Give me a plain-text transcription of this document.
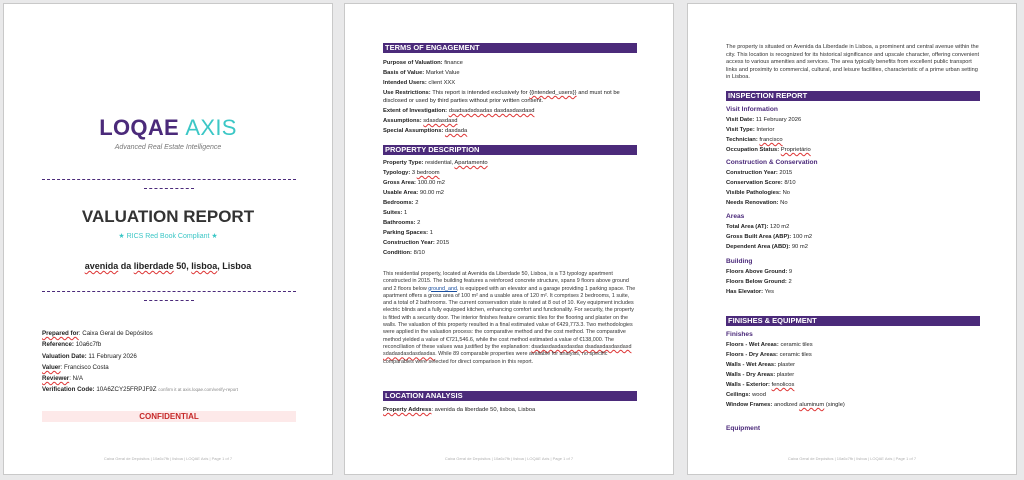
LOQAE AXIS
Advanced Real Estate Intelligence
VALUATION REPORT
★ RICS Red Book Compliant ★
avenida da liberdade 50, lisboa, Lisboa
Prepared for: Caixa Geral de Depósitos
Reference: 10a6c7fb
Valuation Date: 11 February 2026
Valuer: Francisco Costa
Reviewer: N/A
Verification Code: 10A6ZCY25FRPJF9Z confirm it at axis.loqae.com/verify-report
CONFIDENTIAL
Caixa Geral de Depósitos | 10a6c7fb | lisboa | LOQAE Axis | Page 1 of 7
TERMS OF ENGAGEMENT
Purpose of Valuation: finance
Basis of Value: Market Value
Intended Users: client XXX
Use Restrictions: This report is intended exclusively for {{intended_users}} and must not be
disclosed or used by third parties without prior written consent.
Extent of Investigation: dsadsadsdsadas dasdasdasdasd
Assumptions: sdasdasdasd
Special Assumptions: dasdada
PROPERTY DESCRIPTION
Property Type: residential, Apartamento
Typology: 3 bedroom
Gross Area: 100.00 m2
Usable Area: 90.00 m2
Bedrooms: 2
Suites: 1
Bathrooms: 2
Parking Spaces: 1
Construction Year: 2015
Condition: 8/10
This residential property, located at Avenida da Liberdade 50, Lisboa, is a T3 typology apartment constructed in 2015. The building features a reinforced concrete structure, spans 9 floors above ground and 2 floors below ground_and, is equipped with an elevator and a garage providing 1 parking space. The apartment offers a gross area of 100 m² and a usable area of 120 m². It comprises 2 bedrooms, 1 suite, and a total of 2 bathrooms. The current conservation state is rated at 8 out of 10. Key equipment includes electric blinds and a fully equipped kitchen, enhancing comfort and functionality. For security, the property is fitted with a security door. The interior finishes feature ceramic tiles for the flooring and plaster on the walls. The valuation of this property resulted in a final estimated value of €429,773.3. Two methodologies were applied in the valuation process: the comparative method and the cost method. The comparative method yielded a value of €721,546.6, while the cost method estimated a value of €138,000. The reconciliation of these values was justified by the explanation: dsadasdasdasdasdas dsadasdasdasdasd sdadasdasdasdasdas. While 89 comparable properties were available for analysis, no specific comparables were selected for direct comparison in this report.
LOCATION ANALYSIS
Property Address: avenida da liberdade 50, lisboa, Lisboa
Caixa Geral de Depósitos | 10a6c7fb | lisboa | LOQAE Axis | Page 1 of 7
The property is situated on Avenida da Liberdade in Lisboa, a prominent and central avenue within the city. This location is recognized for its historical significance and upscale character, offering convenient access to various amenities and services. The area typically benefits from excellent public transport links and proximity to commercial, cultural, and leisure facilities, characteristic of a prime urban setting in Lisboa.
INSPECTION REPORT
Visit Information
Visit Date: 11 February 2026
Visit Type: Interior
Technician: francisco
Occupation Status: Proprietário
Construction & Conservation
Construction Year: 2015
Conservation Score: 8/10
Visible Pathologies: No
Needs Renovation: No
Areas
Total Area (AT): 120 m2
Gross Built Area (ABP): 100 m2
Dependent Area (ABD): 90 m2
Building
Floors Above Ground: 9
Floors Below Ground: 2
Has Elevator: Yes
FINISHES & EQUIPMENT
Finishes
Floors - Wet Areas: ceramic tiles
Floors - Dry Areas: ceramic tiles
Walls - Wet Areas: plaster
Walls - Dry Areas: plaster
Walls - Exterior: fenolicos
Ceilings: wood
Window Frames: anodized aluminum (single)
Equipment
Caixa Geral de Depósitos | 10a6c7fb | lisboa | LOQAE Axis | Page 1 of 7
